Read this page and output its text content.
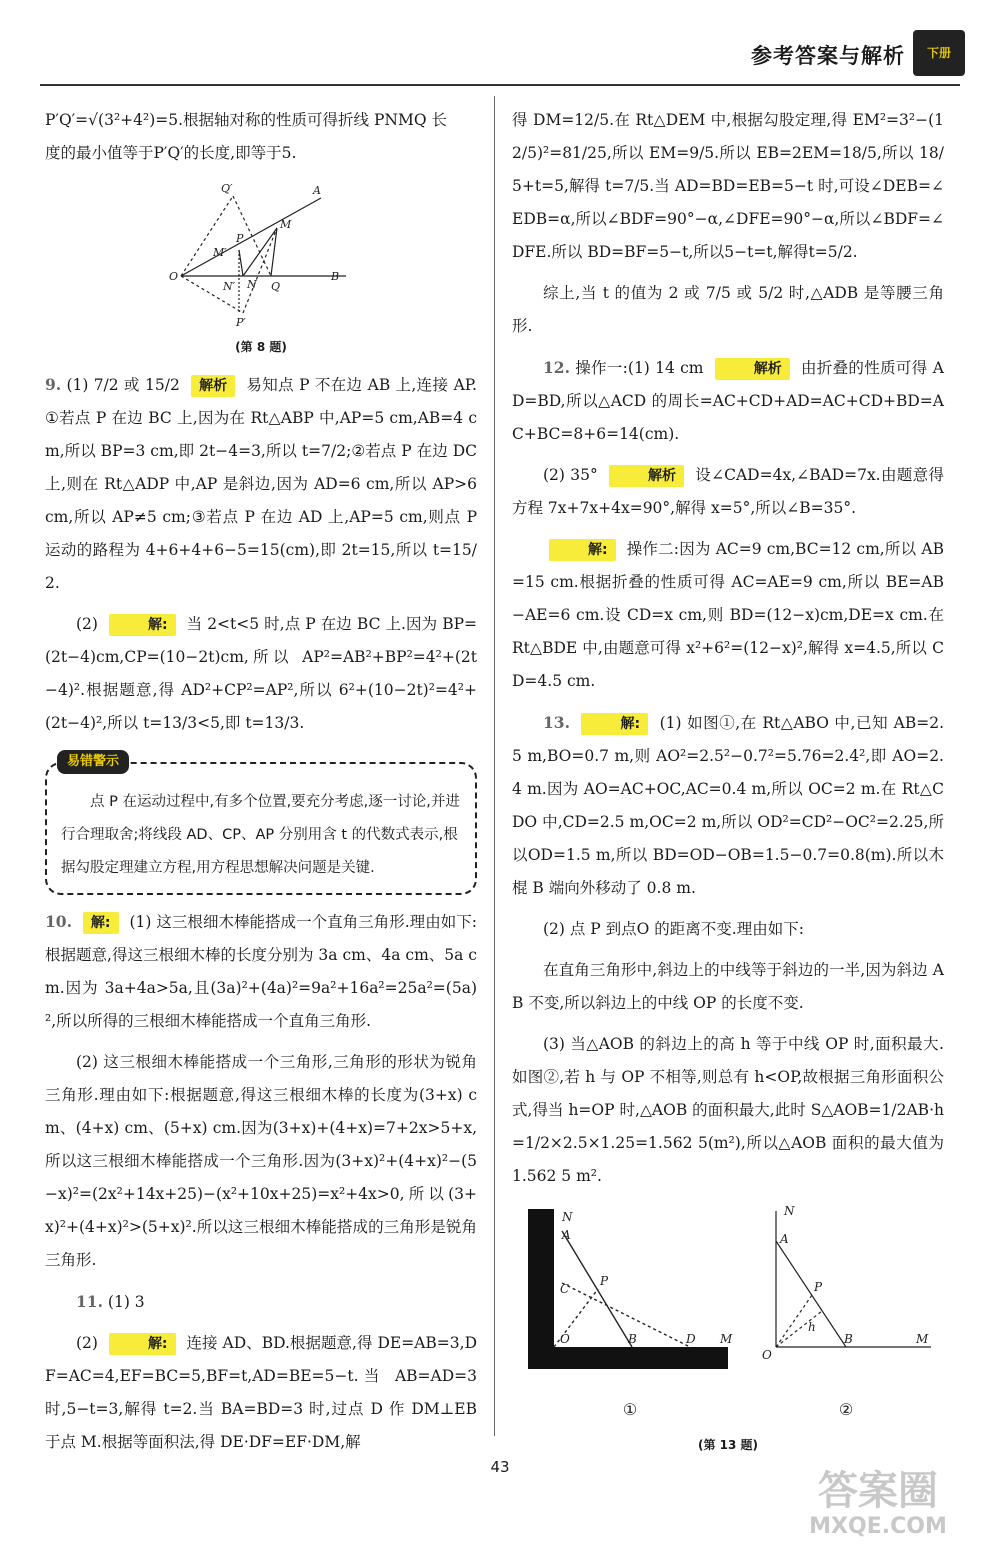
参考答案与解析	下册

P′Q′=√(3²+4²)=5.根据轴对称的性质可得折线 PNMQ 长

度的最小值等于P′Q′的长度,即等于5.

Q′	A
M
P
M′
O
N′ N Q
B
P′
(第 8 题)

9. (1) 7/2 或 15/2 解析 易知点 P 不在边 AB 上,连接 AP.①若点 P 在边 BC 上,因为在 Rt△ABP 中,AP=5 cm,AB=4 cm,所以 BP=3 cm,即 2t−4=3,所以 t=7/2;②若点 P 在边 DC 上,则在 Rt△ADP 中,AP 是斜边,因为 AD=6 cm,所以 AP>6 cm,所以 AP≠5 cm;③若点 P 在边 AD 上,AP=5 cm,则点 P 运动的路程为 4+6+4+6−5=15(cm),即 2t=15,所以 t=15/2.

(2)	解: 当 2<t<5 时,点 P 在边 BC 上.因为 BP=(2t−4)cm,CP=(10−2t)cm,所以 AP²=AB²+BP²=4²+(2t−4)².根据题意,得 AD²+CP²=AP²,所以 6²+(10−2t)²=4²+(2t−4)²,所以 t=13/3<5,即 t=13/3.

易错警示
点 P 在运动过程中,有多个位置,要充分考虑,逐一讨论,并进行合理取舍;将线段 AD、CP、AP 分别用含 t 的代数式表示,根据勾股定理建立方程,用方程思想解决问题是关键.

10. 解: (1) 这三根细木棒能搭成一个直角三角形.理由如下:根据题意,得这三根细木棒的长度分别为 3a cm、4a cm、5a cm.因为 3a+4a>5a,且(3a)²+(4a)²=9a²+16a²=25a²=(5a)²,所以所得的三根细木棒能搭成一个直角三角形.

(2) 这三根细木棒能搭成一个三角形,三角形的形状为锐角三角形.理由如下:根据题意,得这三根细木棒的长度为(3+x) cm、(4+x) cm、(5+x) cm.因为(3+x)+(4+x)=7+2x>5+x,所以这三根细木棒能搭成一个三角形.因为(3+x)²+(4+x)²−(5−x)²=(2x²+14x+25)−(x²+10x+25)=x²+4x>0,所以(3+x)²+(4+x)²>(5+x)².所以这三根细木棒能搭成的三角形是锐角三角形.

11. (1) 3

(2)	解: 连接 AD、BD.根据题意,得 DE=AB=3,DF=AC=4,EF=BC=5,BF=t,AD=BE=5−t.当 AB=AD=3 时,5−t=3,解得 t=2.当 BA=BD=3 时,过点 D 作 DM⊥EB 于点 M.根据等面积法,得 DE·DF=EF·DM,解

得 DM=12/5.在 Rt△DEM 中,根据勾股定理,得 EM²=3²−(12/5)²=81/25,所以 EM=9/5.所以 EB=2EM=18/5,所以 18/5+t=5,解得 t=7/5.当 AD=BD=EB=5−t 时,可设∠DEB=∠EDB=α,所以∠BDF=90°−α,∠DFE=90°−α,所以∠BDF=∠DFE.所以 BD=BF=5−t,所以5−t=t,解得t=5/2.

综上,当 t 的值为 2 或 7/5 或 5/2 时,△ADB 是等腰三角形.

12. 操作一:(1) 14 cm	解析 由折叠的性质可得 AD=BD,所以△ACD 的周长=AC+CD+AD=AC+CD+BD=AC+BC=8+6=14(cm).

(2) 35°	解析 设∠CAD=4x,∠BAD=7x.由题意得方程 7x+7x+4x=90°,解得 x=5°,所以∠B=35°.

解: 操作二:因为 AC=9 cm,BC=12 cm,所以 AB=15 cm.根据折叠的性质可得 AC=AE=9 cm,所以 BE=AB−AE=6 cm.设 CD=x cm,则 BD=(12−x)cm,DE=x cm.在 Rt△BDE 中,由题意可得 x²+6²=(12−x)²,解得 x=4.5,所以 CD=4.5 cm.

13.	解: (1) 如图①,在 Rt△ABO 中,已知 AB=2.5 m,BO=0.7 m,则 AO²=2.5²−0.7²=5.76=2.4²,即 AO=2.4 m.因为 AO=AC+OC,AC=0.4 m,所以 OC=2 m.在 Rt△CDO 中,CD=2.5 m,OC=2 m,所以 OD²=CD²−OC²=2.25,所以OD=1.5 m,所以 BD=OD−OB=1.5−0.7=0.8(m).所以木棍 B 端向外移动了 0.8 m.

(2) 点 P 到点O 的距离不变.理由如下:

在直角三角形中,斜边上的中线等于斜边的一半,因为斜边 AB 不变,所以斜边上的中线 OP 的长度不变.

(3) 当△AOB 的斜边上的高 h 等于中线 OP 时,面积最大.如图②,若 h 与 OP 不相等,则总有 h<OP,故根据三角形面积公式,得当 h=OP 时,△AOB 的面积最大,此时 S△AOB=1/2AB·h=1/2×2.5×1.25=1.562 5(m²),所以△AOB 面积的最大值为 1.562 5 m².

N
A
C
P
O	B	D M
①
N
A
P
h
O
B	M
②
(第 13 题)
43
答案圈
MXQE.COM
